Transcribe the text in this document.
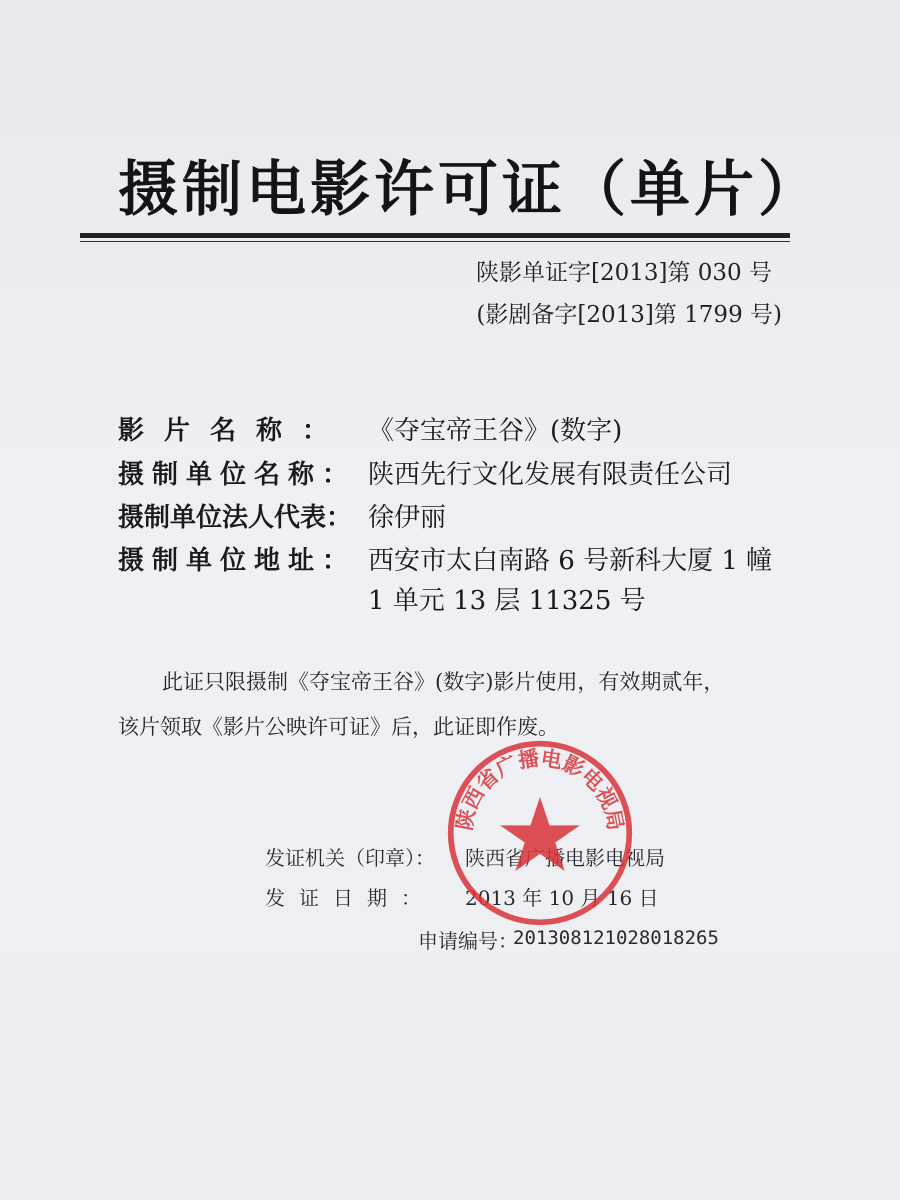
摄制电影许可证（单片）
陕影单证字[2013]第 030 号
(影剧备字[2013]第 1799 号)
影片名称： 《夺宝帝王谷》(数字)
摄制单位名称： 陕西先行文化发展有限责任公司
摄制单位法人代表： 徐伊丽
摄制单位地址： 西安市太白南路 6 号新科大厦 1 幢
1 单元 13 层 11325 号
此证只限摄制《夺宝帝王谷》(数字)影片使用，有效期贰年，
该片领取《影片公映许可证》后，此证即作废。
发证机关（印章）： 陕西省广播电影电视局
发证日期： 2013 年 10 月 16 日
申请编号：
201308121028018265
陕西省广播电影电视局
